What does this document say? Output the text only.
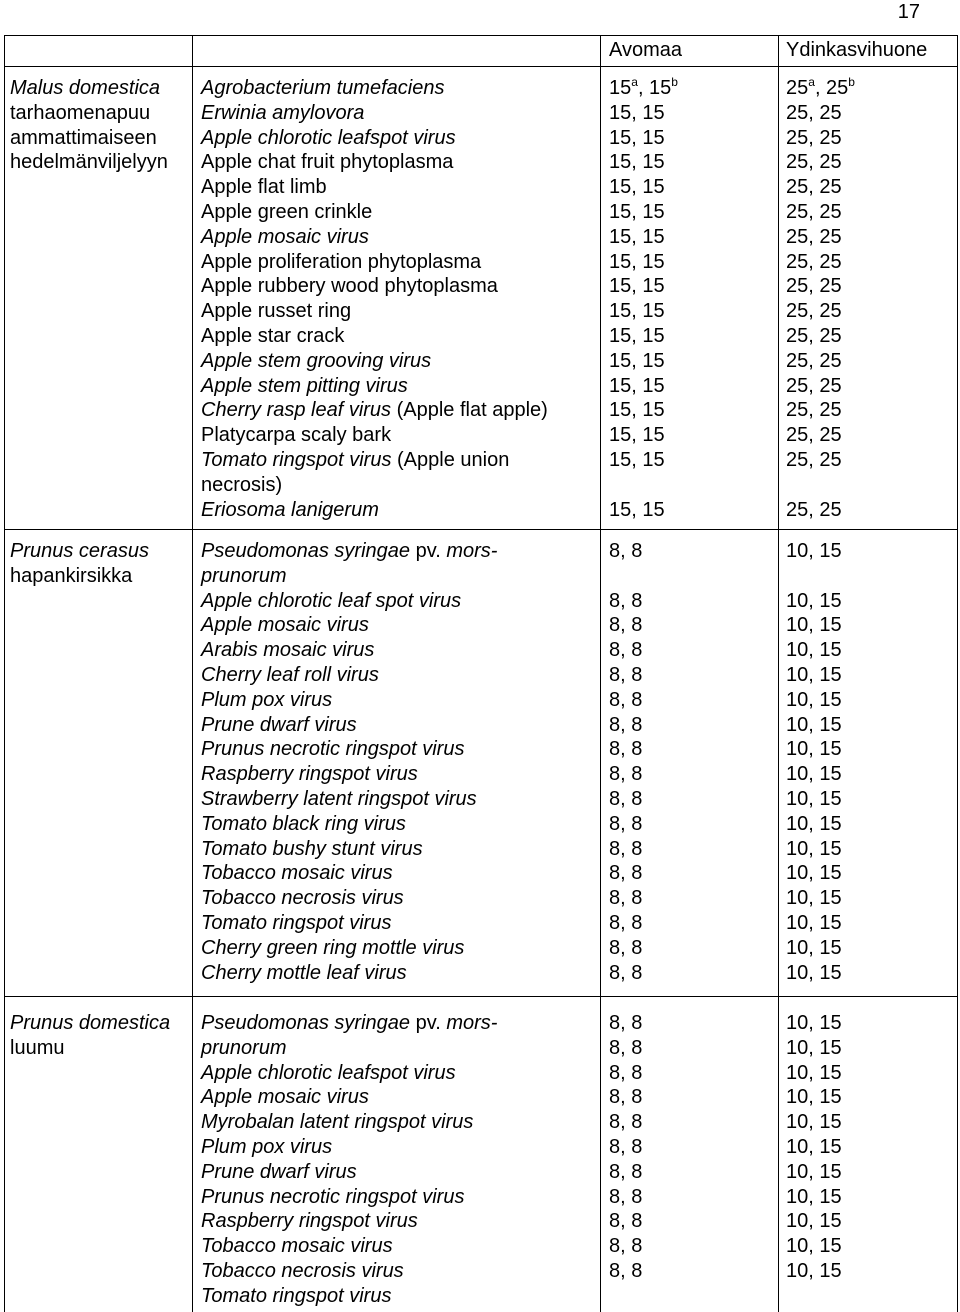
17
Avomaa	Ydinkasvihuone
Malus domestica
tarhaomenapuu
ammattimaiseen
hedelmänviljelyyn
Agrobacterium tumefaciens
Erwinia amylovora
Apple chlorotic leafspot virus
Apple chat fruit phytoplasma
Apple flat limb
Apple green crinkle
Apple mosaic virus
Apple proliferation phytoplasma
Apple rubbery wood phytoplasma
Apple russet ring
Apple star crack
Apple stem grooving virus
Apple stem pitting virus
Cherry rasp leaf virus (Apple flat apple)
Platycarpa scaly bark
Tomato ringspot virus (Apple union
necrosis)
Eriosoma lanigerum
15$^a$, 15$^b$
15, 15
15, 15
15, 15
15, 15
15, 15
15, 15
15, 15
15, 15
15, 15
15, 15
15, 15
15, 15
15, 15
15, 15
15, 15
15, 15
25$^a$, 25$^b$
25, 25
25, 25
25, 25
25, 25
25, 25
25, 25
25, 25
25, 25
25, 25
25, 25
25, 25
25, 25
25, 25
25, 25
25, 25
25, 25
Prunus cerasus
hapankirsikka
Pseudomonas syringae pv. mors-
prunorum
Apple chlorotic leaf spot virus
Apple mosaic virus
Arabis mosaic virus
Cherry leaf roll virus
Plum pox virus
Prune dwarf virus
Prunus necrotic ringspot virus
Raspberry ringspot virus
Strawberry latent ringspot virus
Tomato black ring virus
Tomato bushy stunt virus
Tobacco mosaic virus
Tobacco necrosis virus
Tomato ringspot virus
Cherry green ring mottle virus
Cherry mottle leaf virus
8, 8
8, 8
8, 8
8, 8
8, 8
8, 8
8, 8
8, 8
8, 8
8, 8
8, 8
8, 8
8, 8
8, 8
8, 8
8, 8
8, 8
10, 15
10, 15
10, 15
10, 15
10, 15
10, 15
10, 15
10, 15
10, 15
10, 15
10, 15
10, 15
10, 15
10, 15
10, 15
10, 15
10, 15
Prunus domestica
luumu
Pseudomonas syringae pv. mors-
prunorum
Apple chlorotic leafspot virus
Apple mosaic virus
Myrobalan latent ringspot virus
Plum pox virus
Prune dwarf virus
Prunus necrotic ringspot virus
Raspberry ringspot virus
Tobacco mosaic virus
Tobacco necrosis virus
Tomato ringspot virus
8, 8
8, 8
8, 8
8, 8
8, 8
8, 8
8, 8
8, 8
8, 8
8, 8
8, 8
10, 15
10, 15
10, 15
10, 15
10, 15
10, 15
10, 15
10, 15
10, 15
10, 15
10, 15
